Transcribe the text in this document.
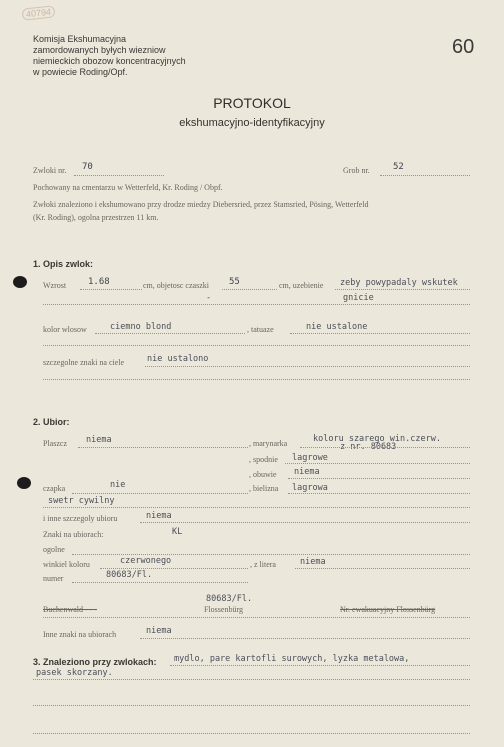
40794
60
Komisja Ekshumacyjna
zamordowanych byłych wiezniow
niemieckich obozow koncentracyjnych
w powiecie Roding/Opf.
PROTOKOL
ekshumacyjno-identyfikacyjny
Zwloki nr. 70	Grob nr.	52
Pochowany na cmentarzu w Wetterfeld, Kr. Roding / Obpf.
Zwłoki znaleziono i ekshumowano przy drodze miedzy Diebersried, przez Stamsried, Pösing, Wetterfeld
(Kr. Roding), ogolna przestrzen 11 km.
1. Opis zwlok:
Wzrost 1.68	cm, objetosc czaszki 55	cm, uzebienie zeby powypadaly wskutek
gnicie
-
kolor wlosow	ciemno blond	, tatuaze	nie ustalone
szczegolne znaki na ciele	nie ustalono
2. Ubior:
Plaszcz niema	, marynarka	koloru szarego win.czerw.
z nr. 80683
, spodnie lagrowe
, obuwie niema
czapka	nie	, bielizna lagrowa
swetr cywilny
i inne szczegoly ubioru	niema
Znaki na ubiorach:	KL
ogolne
winkiel koloru	czerwonego	, z litera	niema
numer	80683/Fl.
Buchenwald - - -
80683/Fl.
Flossenbürg	Nr. ewakuacyjny Flossenbürg
Inne znaki na ubiorach	niema
3. Znaleziono przy zwlokach: mydlo, pare kartofli surowych, lyzka metalowa,
pasek skorzany.
